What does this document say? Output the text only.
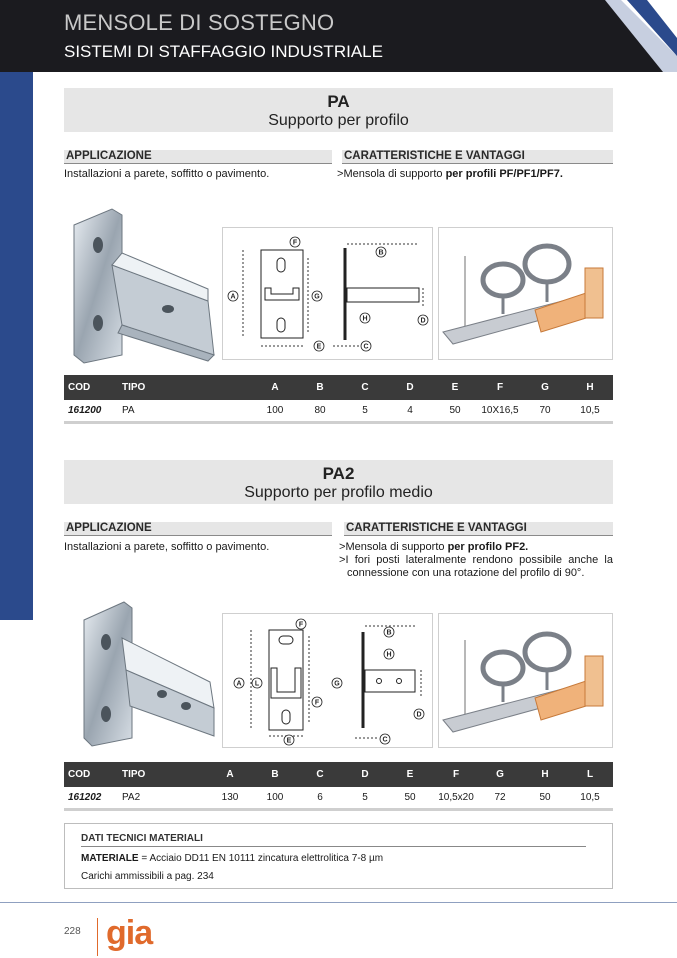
MENSOLE DI SOSTEGNO
SISTEMI DI STAFFAGGIO INDUSTRIALE
PA
Supporto per profilo
APPLICAZIONE	CARATTERISTICHE E VANTAGGI
Installazioni a parete, soffitto o pavimento.	>Mensola di supporto per profili PF/PF1/PF7.
F
A	G
E
B
H	D
C
COD	TIPO	A	B	C	D	E	F	G	H
161200	PA	100	80	5	4	50	10X16,5	70	10,5
PA2
Supporto per profilo medio
APPLICAZIONE	CARATTERISTICHE E VANTAGGI
Installazioni a parete, soffitto o pavimento.	>Mensola di supporto per profilo PF2.
>I fori posti lateralmente rendono possibile anche la
connessione con una rotazione del profilo di 90°.
F
A L	G
F
E
B
H
D
C
COD	TIPO	A	B	C	D	E	F	G	H	L
161202	PA2	130	100	6	5	50	10,5x20	72	50	10,5
DATI TECNICI MATERIALI
MATERIALE = Acciaio DD11 EN 10111 zincatura elettrolitica 7-8 µm
Carichi ammissibili a pag. 234
228 gia
